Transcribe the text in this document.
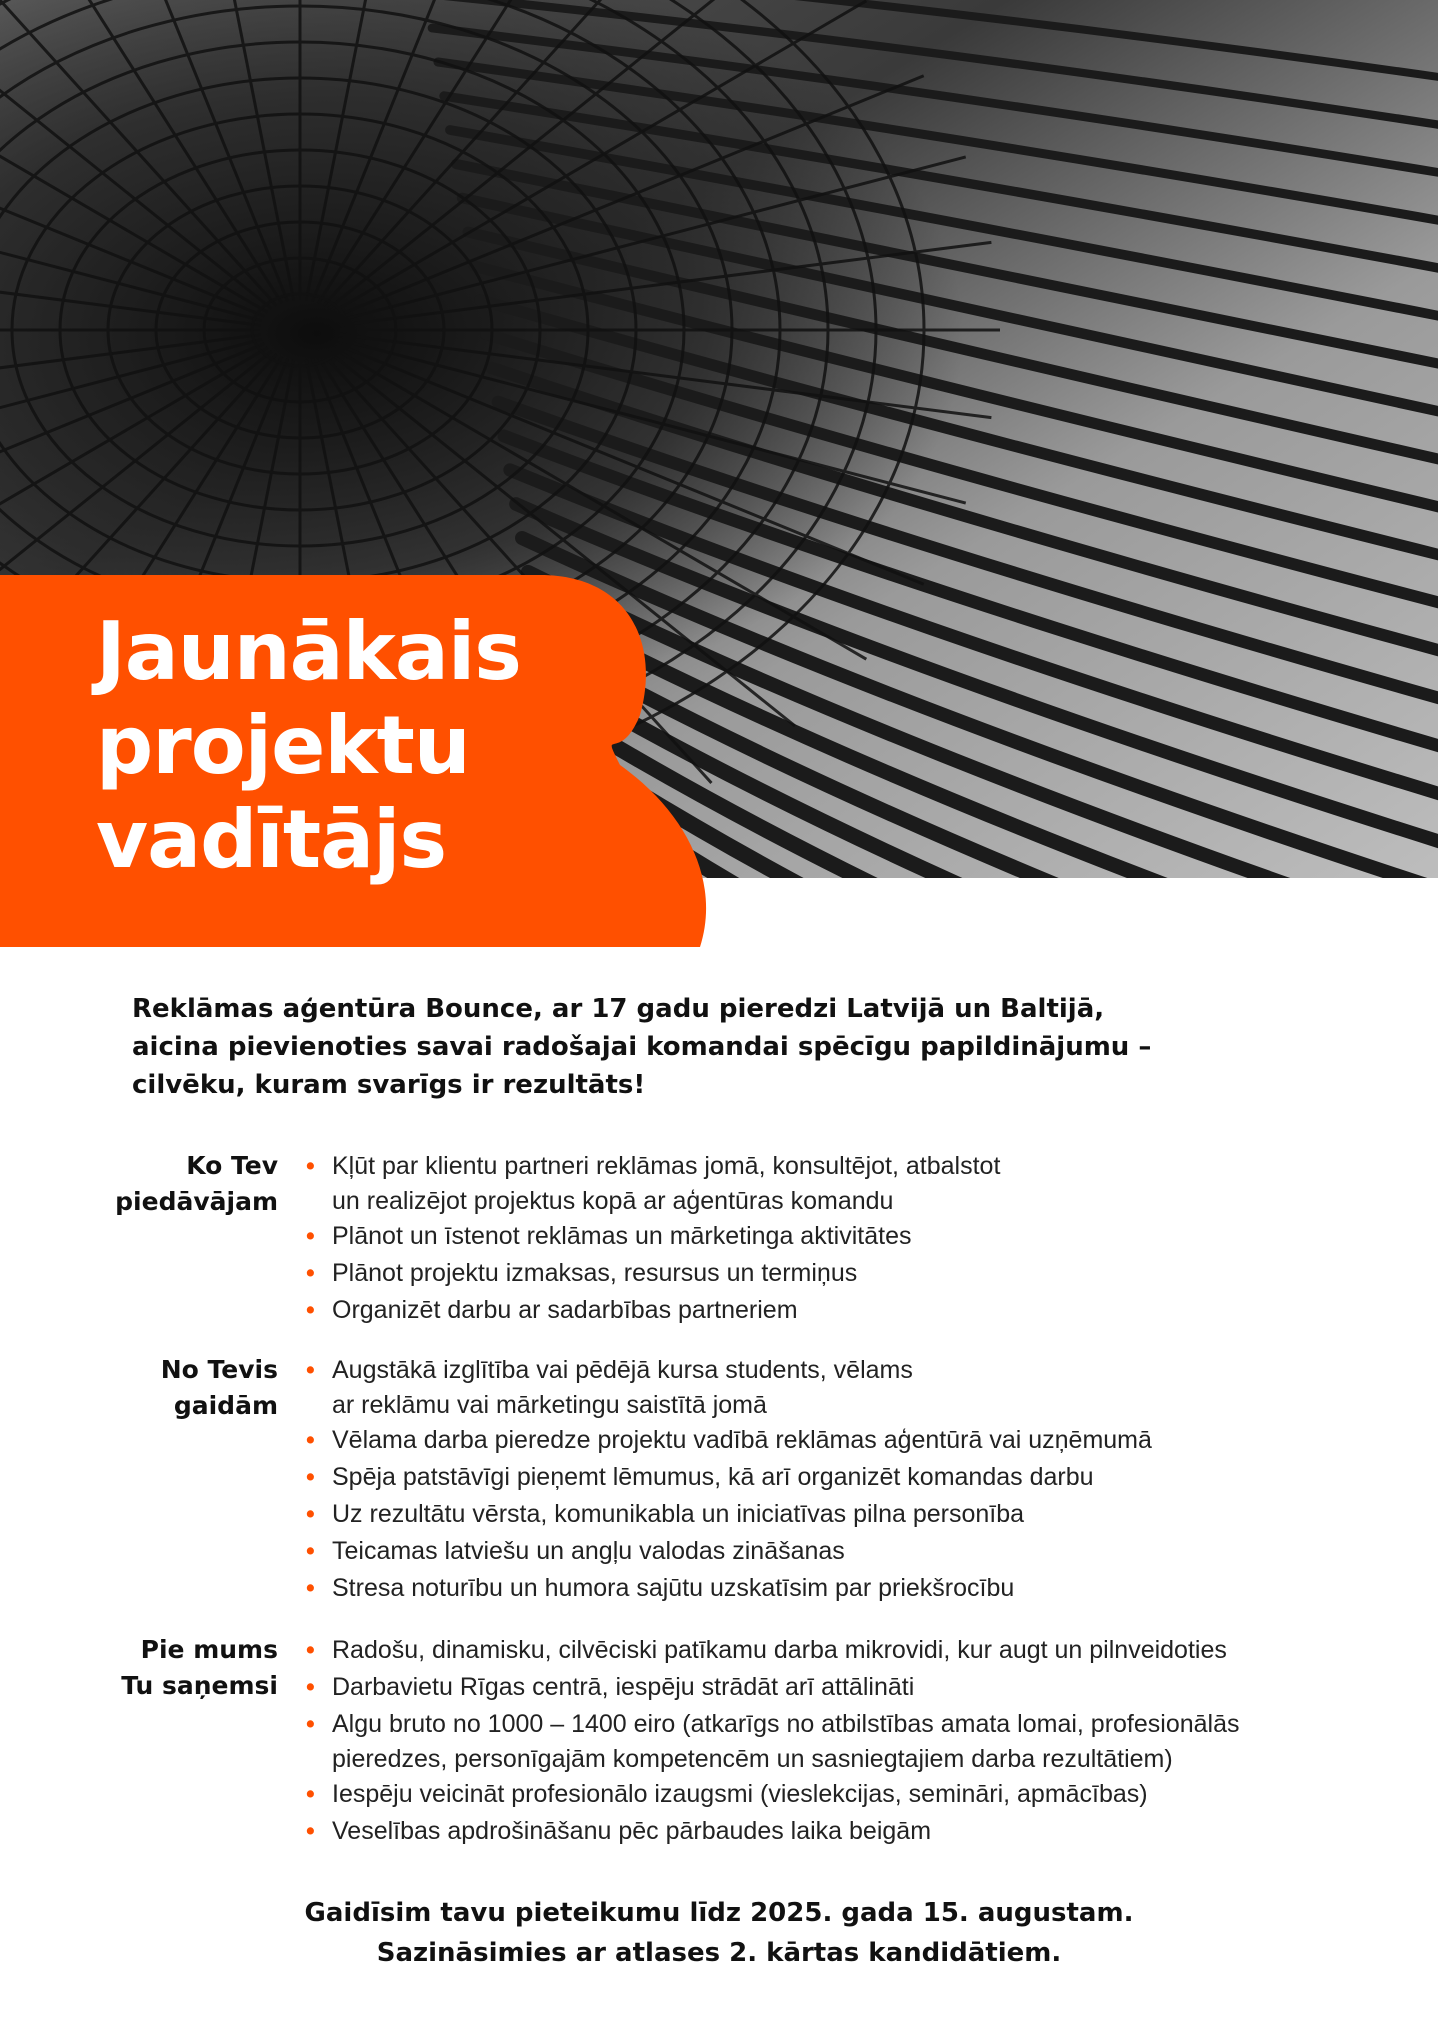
Jaunākais
projektu
vadītājs

Reklāmas aģentūra Bounce, ar 17 gadu pieredzi Latvijā un Baltijā,
aicina pievienoties savai radošajai komandai spēcīgu papildinājumu –
cilvēku, kuram svarīgs ir rezultāts!

Ko Tev
piedāvājam
• Kļūt par klientu partneri reklāmas jomā, konsultējot, atbalstot
un realizējot projektus kopā ar aģentūras komandu
• Plānot un īstenot reklāmas un mārketinga aktivitātes
• Plānot projektu izmaksas, resursus un termiņus
• Organizēt darbu ar sadarbības partneriem
No Tevis
gaidām
• Augstākā izglītība vai pēdējā kursa students, vēlams
ar reklāmu vai mārketingu saistītā jomā
• Vēlama darba pieredze projektu vadībā reklāmas aģentūrā vai uzņēmumā
• Spēja patstāvīgi pieņemt lēmumus, kā arī organizēt komandas darbu
• Uz rezultātu vērsta, komunikabla un iniciatīvas pilna personība
• Teicamas latviešu un angļu valodas zināšanas
• Stresa noturību un humora sajūtu uzskatīsim par priekšrocību
Pie mums
Tu saņemsi
• Radošu, dinamisku, cilvēciski patīkamu darba mikrovidi, kur augt un pilnveidoties
• Darbavietu Rīgas centrā, iespēju strādāt arī attālināti
• Algu bruto no 1000 – 1400 eiro (atkarīgs no atbilstības amata lomai, profesionālās
pieredzes, personīgajām kompetencēm un sasniegtajiem darba rezultātiem)
• Iespēju veicināt profesionālo izaugsmi (vieslekcijas, semināri, apmācības)
• Veselības apdrošināšanu pēc pārbaudes laika beigām

Gaidīsim tavu pieteikumu līdz 2025. gada 15. augustam.
Sazināsimies ar atlases 2. kārtas kandidātiem.
